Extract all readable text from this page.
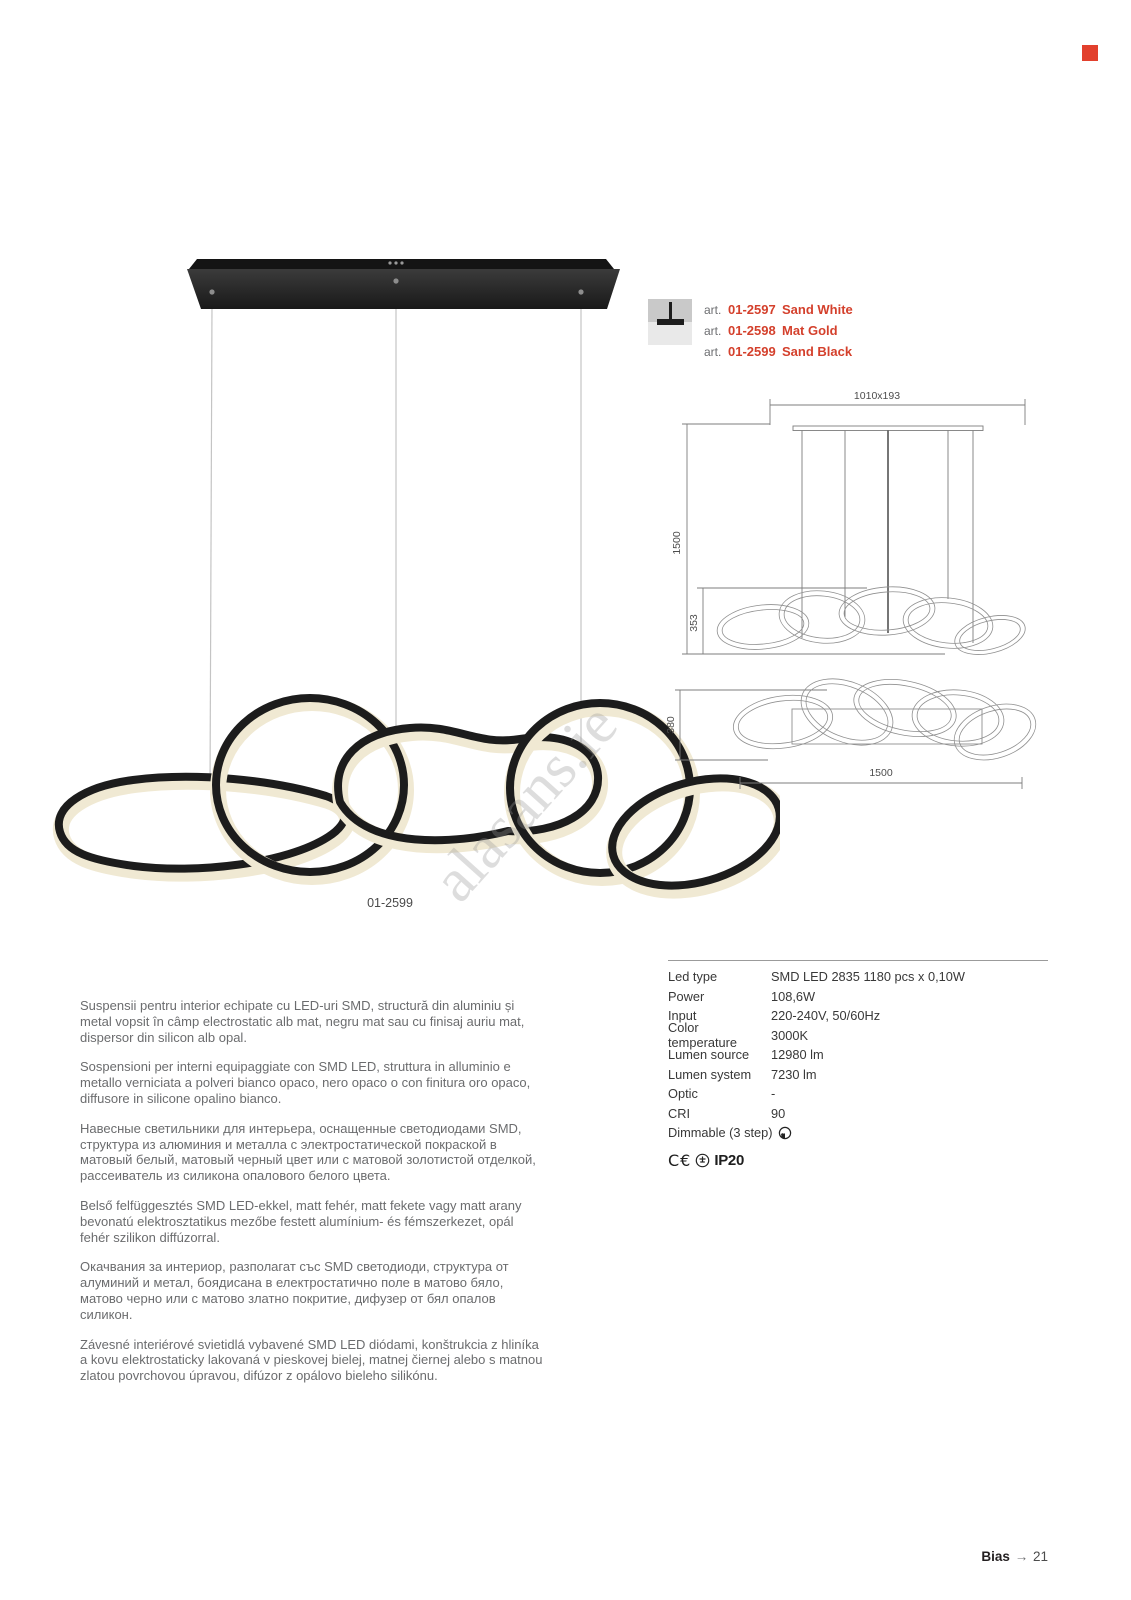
alasans.ie
01-2599
art. 01-2597 Sand White
art. 01-2598 Mat Gold
art. 01-2599 Sand Black
1010x193
1500
353
380
1500
Led type	SMD LED 2835 1180 pcs x 0,10W
Power	108,6W
Input	220-240V, 50/60Hz
Color temperature	3000K
Lumen source	12980 lm
Lumen system	7230 lm
Optic	-
CRI	90
Dimmable (3 step)
C€ IP20

Suspensii pentru interior echipate cu LED-uri SMD, structură din aluminiu și metal vopsit în câmp electrostatic alb mat, negru mat sau cu finisaj auriu mat, dispersor din silicon alb opal.

Sospensioni per interni equipaggiate con SMD LED, struttura in alluminio e metallo verniciata a polveri bianco opaco, nero opaco o con finitura oro opaco, diffusore in silicone opalino bianco.

Навесные светильники для интерьера, оснащенные светодиодами SMD, структура из алюминия и металла с электростатической покраской в матовый белый, матовый черный цвет или с матовой золотистой отделкой, рассеиватель из силикона опалового белого цвета.

Belső felfüggesztés SMD LED-ekkel, matt fehér, matt fekete vagy matt arany bevonatú elektrosztatikus mezőbe festett alumínium- és fémszerkezet, opál fehér szilikon diffúzorral.

Окачвания за интериор, разполагат със SMD светодиоди, структура от алуминий и метал, боядисана в електростатично поле в матово бяло, матово черно или с матово златно покритие, дифузер от бял опалов силикон.

Závesné interiérové svietidlá vybavené SMD LED diódami, konštrukcia z hliníka a kovu elektrostaticky lakovaná v pieskovej bielej, matnej čiernej alebo s matnou zlatou povrchovou úpravou, difúzor z opálovo bieleho silikónu.

Bias → 21
